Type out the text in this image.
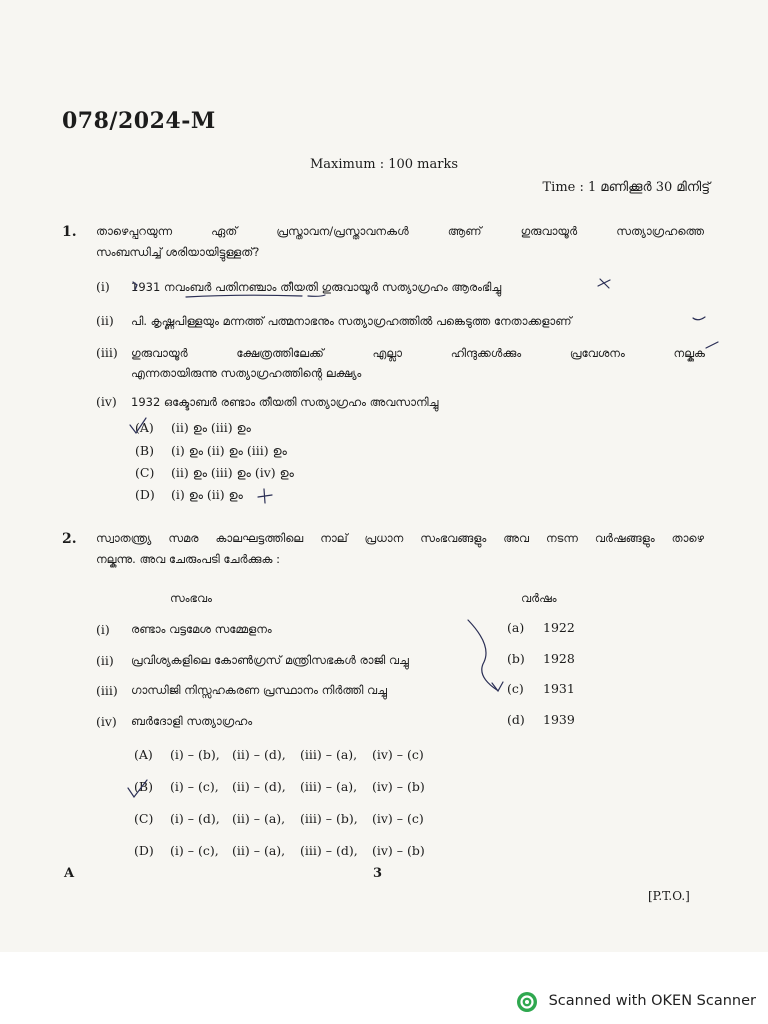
078/2024-M
Maximum : 100 marks
Time : 1 മണിക്കൂർ 30 മിനിട്ട്
1. താഴെപ്പറയുന്ന ഏത് പ്രസ്താവന/പ്രസ്താവനകൾ ആണ് ഗുരുവായൂർ സത്യാഗ്രഹത്തെ
സംബന്ധിച്ച് ശരിയായിട്ടുള്ളത്?
(i) 1931 നവംബർ പതിനഞ്ചാം തീയതി ഗുരുവായൂർ സത്യാഗ്രഹം ആരംഭിച്ചു
(ii) പി. കൃഷ്ണപിള്ളയും മന്നത്ത് പത്മനാഭനും സത്യാഗ്രഹത്തിൽ പങ്കെടുത്ത നേതാക്കളാണ്
(iii) ഗുരുവായൂർ ക്ഷേത്രത്തിലേക്ക് എല്ലാ ഹിന്ദുക്കൾക്കും പ്രവേശനം നല്കുക
എന്നതായിരുന്നു സത്യാഗ്രഹത്തിന്റെ ലക്ഷ്യം
(iv) 1932 ഒക്ടോബർ രണ്ടാം തീയതി സത്യാഗ്രഹം അവസാനിച്ചു
(A) (ii) ഉം (iii) ഉം
(B) (i) ഉം (ii) ഉം (iii) ഉം
(C) (ii) ഉം (iii) ഉം (iv) ഉം
(D) (i) ഉം (ii) ഉം
2. സ്വാതന്ത്ര്യ സമര കാലഘട്ടത്തിലെ നാല് പ്രധാന സംഭവങ്ങളും അവ നടന്ന വർഷങ്ങളും താഴെ
നല്കുന്നു. അവ ചേരുംപടി ചേർക്കുക :
സംഭവം	വർഷം
(i) രണ്ടാം വട്ടമേശ സമ്മേളനം	(a) 1922
(ii) പ്രവിശ്യകളിലെ കോൺഗ്രസ് മന്ത്രിസഭകൾ രാജി വച്ചു	(b) 1928
(iii) ഗാന്ധിജി നിസ്സഹകരണ പ്രസ്ഥാനം നിർത്തി വച്ചു	(c) 1931
(iv) ബർദോളി സത്യാഗ്രഹം	(d) 1939
(A) (i) – (b), (ii) – (d), (iii) – (a), (iv) – (c)
(B) (i) – (c), (ii) – (d), (iii) – (a), (iv) – (b)
(C) (i) – (d), (ii) – (a), (iii) – (b), (iv) – (c)
(D) (i) – (c), (ii) – (a), (iii) – (d), (iv) – (b)
A	3
[P.T.O.]
Scanned with OKEN Scanner
